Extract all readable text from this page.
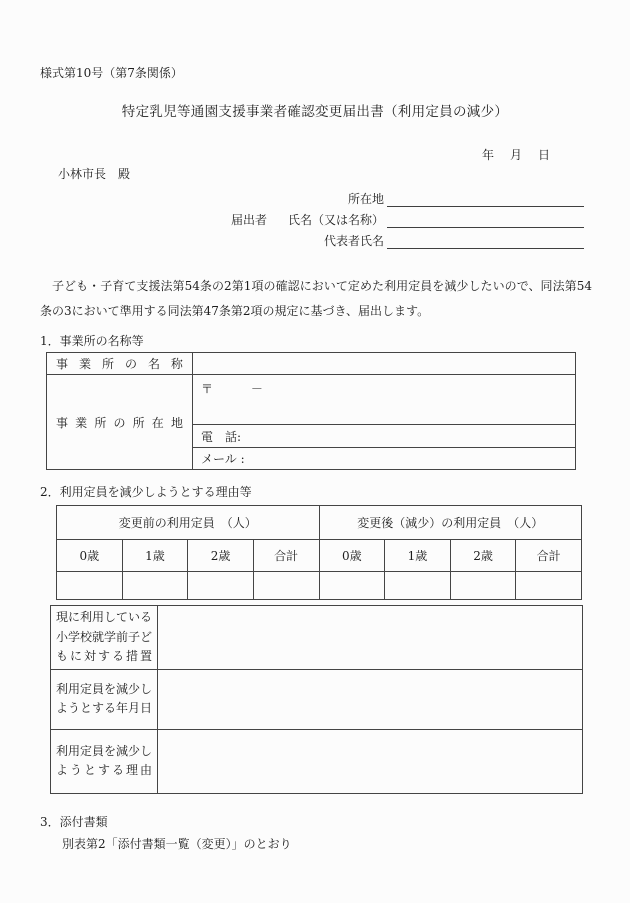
様式第10号（第7条関係）
特定乳児等通園支援事業者確認変更届出書（利用定員の減少）
年　月　日
小林市長　殿
所在地
届出者	氏名（又は名称）
代表者氏名

子ども・子育て支援法第54条の2第1項の確認において定めた利用定員を減少したいので、同法第54条の3において準用する同法第47条第2項の規定に基づき、届出します。

1．事業所の名称等
事 業 所 の 名 称

事 業 所 の 所 在 地
	〒	－
	電　話:
	メール :
2．利用定員を減少しようとする理由等
変更前の利用定員　（人）				変更後（減少）の利用定員　（人）			
0歳	1歳	2歳	合計	0歳	1歳	2歳	合計

現に利用している小学校就学前子どもに対する措置	
利用定員を減少しようとする年月日	
利用定員を減少しようとする理由	
3．添付書類
別表第2「添付書類一覧（変更）」のとおり
